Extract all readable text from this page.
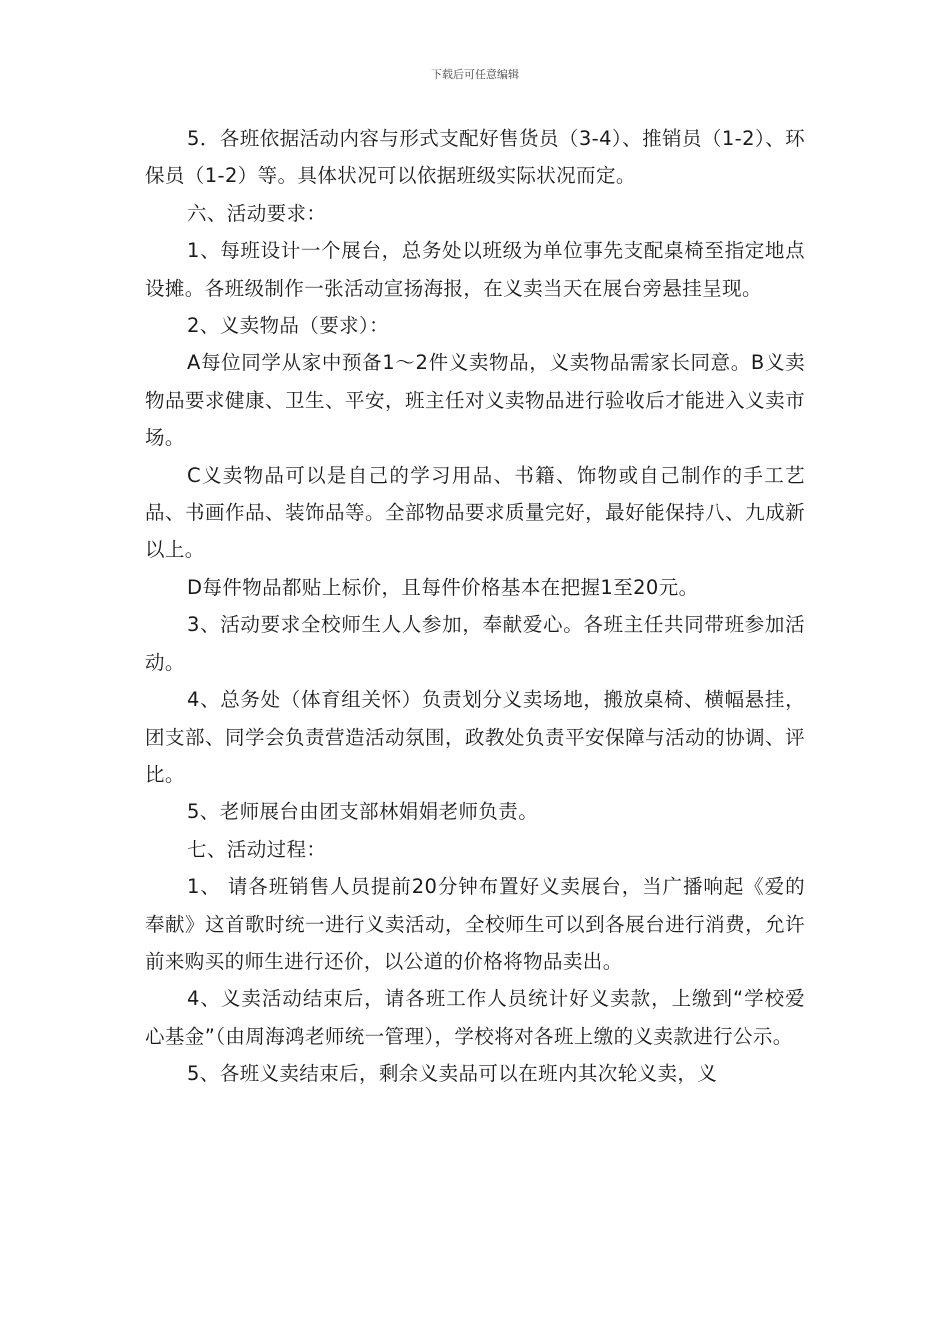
下载后可任意编辑

5．各班依据活动内容与形式支配好售货员（3-4）、推销员（1-2）、环保员（1-2）等。具体状况可以依据班级实际状况而定。

六、活动要求：

1、每班设计一个展台，总务处以班级为单位事先支配桌椅至指定地点设摊。各班级制作一张活动宣扬海报，在义卖当天在展台旁悬挂呈现。

2、义卖物品（要求）：

A每位同学从家中预备1～2件义卖物品，义卖物品需家长同意。B义卖物品要求健康、卫生、平安，班主任对义卖物品进行验收后才能进入义卖市场。

C义卖物品可以是自己的学习用品、书籍、饰物或自己制作的手工艺品、书画作品、装饰品等。全部物品要求质量完好，最好能保持八、九成新以上。

D每件物品都贴上标价，且每件价格基本在把握1至20元。

3、活动要求全校师生人人参加，奉献爱心。各班主任共同带班参加活动。

4、总务处（体育组关怀）负责划分义卖场地，搬放桌椅、横幅悬挂，团支部、同学会负责营造活动氛围，政教处负责平安保障与活动的协调、评比。

5、老师展台由团支部林娟娟老师负责。

七、活动过程：

1、 请各班销售人员提前20分钟布置好义卖展台，当广播响起《爱的奉献》这首歌时统一进行义卖活动，全校师生可以到各展台进行消费，允许前来购买的师生进行还价，以公道的价格将物品卖出。

4、义卖活动结束后，请各班工作人员统计好义卖款，上缴到“学校爱心基金”（由周海鸿老师统一管理），学校将对各班上缴的义卖款进行公示。

5、各班义卖结束后，剩余义卖品可以在班内其次轮义卖，义
